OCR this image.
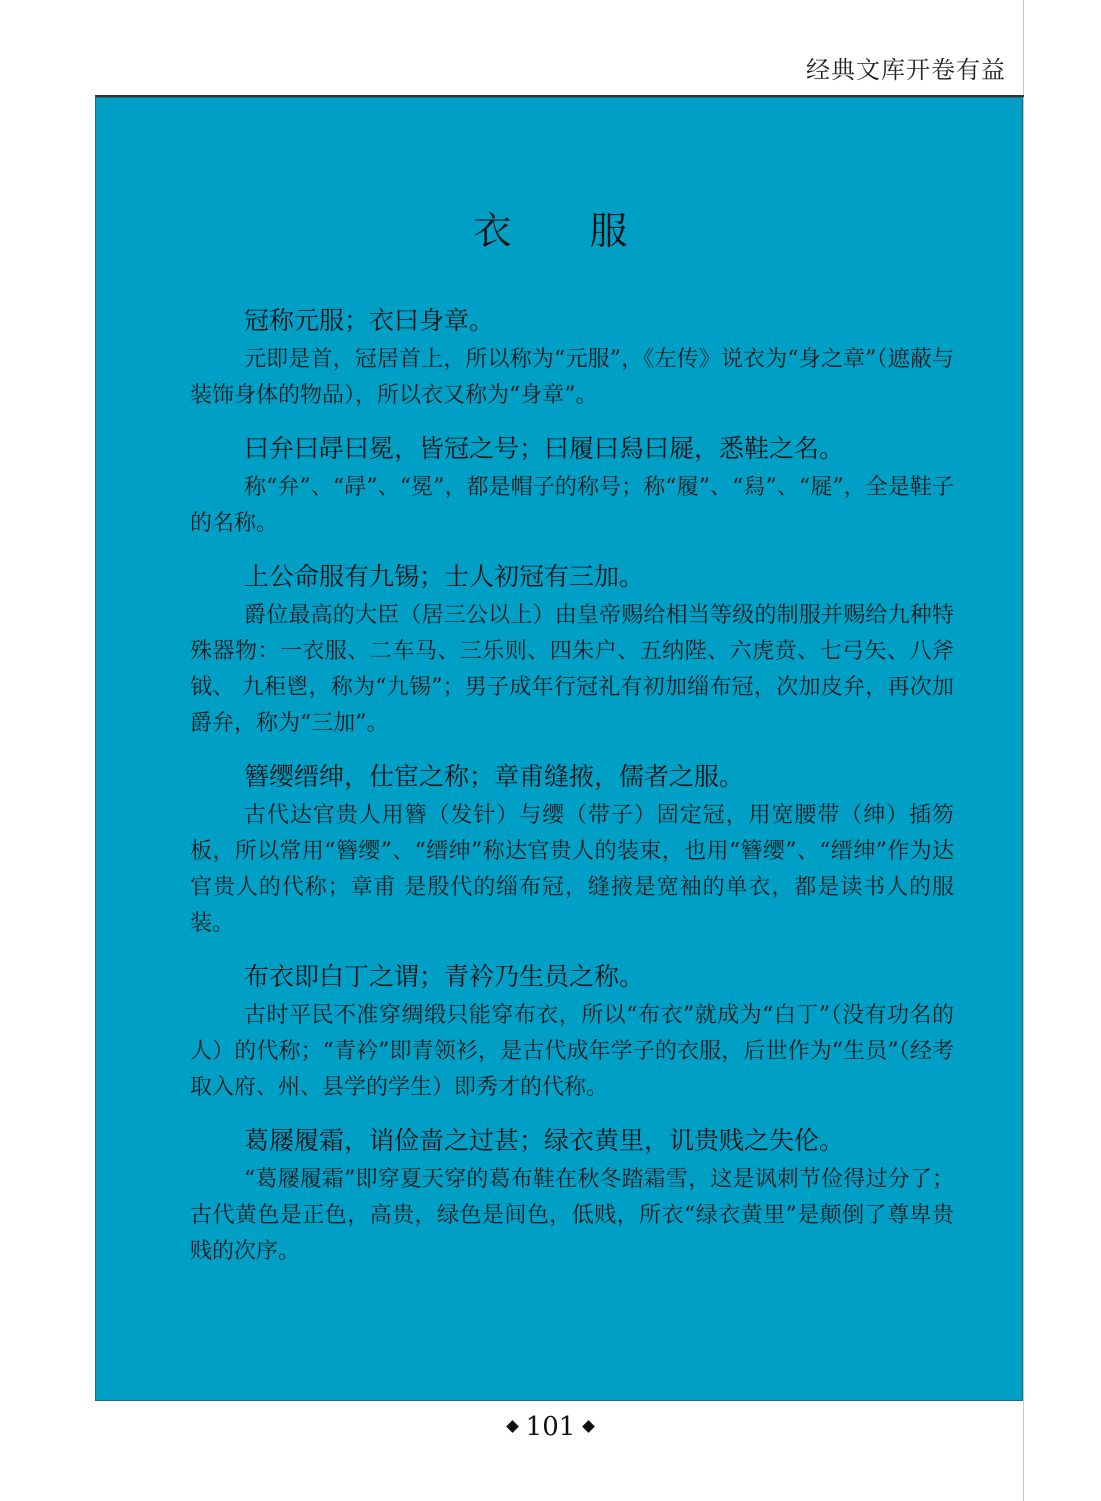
经典文库开卷有益
衣服

冠称元服；衣曰身章。

元即是首，冠居首上，所以称为“元服”，《左传》说衣为“身之章”（遮蔽与装饰身体的物品），所以衣又称为“身章”。

曰弁曰冔曰冕，皆冠之号；曰履曰舄曰屣，悉鞋之名。

称“弁”、“冔”、“冕”，都是帽子的称号；称“履”、“舄”、“屣”，全是鞋子的名称。

上公命服有九锡；士人初冠有三加。

爵位最高的大臣（居三公以上）由皇帝赐给相当等级的制服并赐给九种特殊器物：一衣服、二车马、三乐则、四朱户、五纳陛、六虎贲、七弓矢、八斧钺、 九秬鬯，称为“九锡”；男子成年行冠礼有初加缁布冠，次加皮弁，再次加爵弁，称为“三加”。

簪缨缙绅，仕宦之称；章甫缝掖，儒者之服。

古代达官贵人用簪（发针）与缨（带子）固定冠，用宽腰带（绅）插笏板，所以常用“簪缨”、“缙绅”称达官贵人的装束，也用“簪缨”、“缙绅”作为达官贵人的代称；章甫 是殷代的缁布冠，缝掖是宽袖的单衣，都是读书人的服装。

布衣即白丁之谓；青衿乃生员之称。

古时平民不准穿绸缎只能穿布衣，所以“布衣”就成为“白丁”（没有功名的人）的代称；“青衿”即青领衫，是古代成年学子的衣服，后世作为“生员”（经考取入府、州、县学的学生）即秀才的代称。

葛屦履霜，诮俭啬之过甚；绿衣黄里，讥贵贱之失伦。

“葛屦履霜”即穿夏天穿的葛布鞋在秋冬踏霜雪，这是讽刺节俭得过分了；古代黄色是正色，高贵，绿色是间色，低贱，所衣“绿衣黄里”是颠倒了尊卑贵贱的次序。

101
